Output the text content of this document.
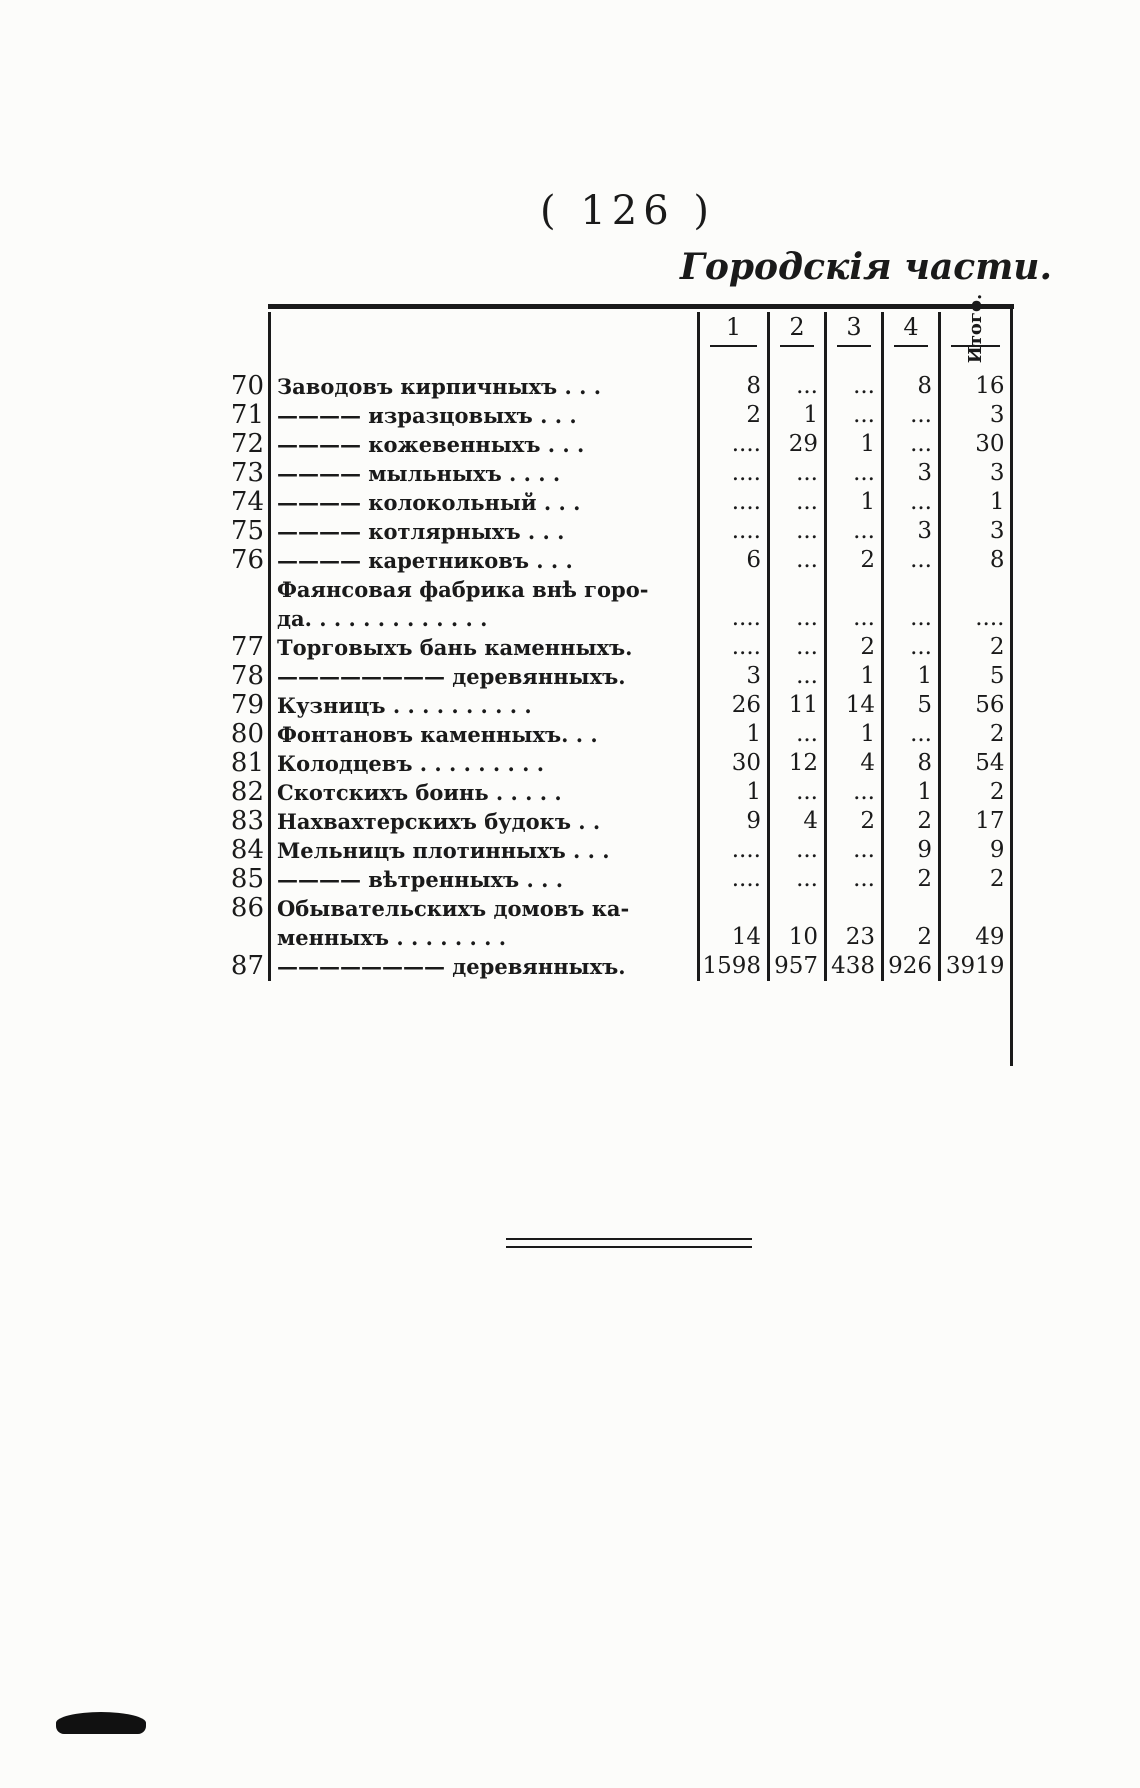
( 126 )
Городскія части.
		1	2	3	4	Итого.

70	Заводовъ кирпичныхъ . . .	8	...	...	8	16
71	———— изразцовыхъ . . .	2	1	...	...	3
72	———— кожевенныхъ . . .	....	29	1	...	30
73	———— мыльныхъ . . . .	....	...	...	3	3
74	———— колокольный . . .	....	...	1	...	1
75	———— котлярныхъ . . .	....	...	...	3	3
76	———— каретниковъ . . .	6	...	2	...	8
	Фаянсовая фабрика внѣ горо-					
	да. . . . . . . . . . . . .	....	...	...	...	....
77	Торговыхъ бань каменныхъ.	....	...	2	...	2
78	———————— деревянныхъ.	3	...	1	1	5
79	Кузницъ . . . . . . . . . .	26	11	14	5	56
80	Фонтановъ каменныхъ. . .	1	...	1	...	2
81	Колодцевъ . . . . . . . . .	30	12	4	8	54
82	Скотскихъ боинь . . . . .	1	...	...	1	2
83	Нахвахтерскихъ будокъ . .	9	4	2	2	17
84	Мельницъ плотинныхъ . . .	....	...	...	9	9
85	———— вѣтренныхъ . . .	....	...	...	2	2
86	Обывательскихъ домовъ ка-					
	менныхъ . . . . . . . .	14	10	23	2	49
87	———————— деревянныхъ.	1598	957	438	926	3919
